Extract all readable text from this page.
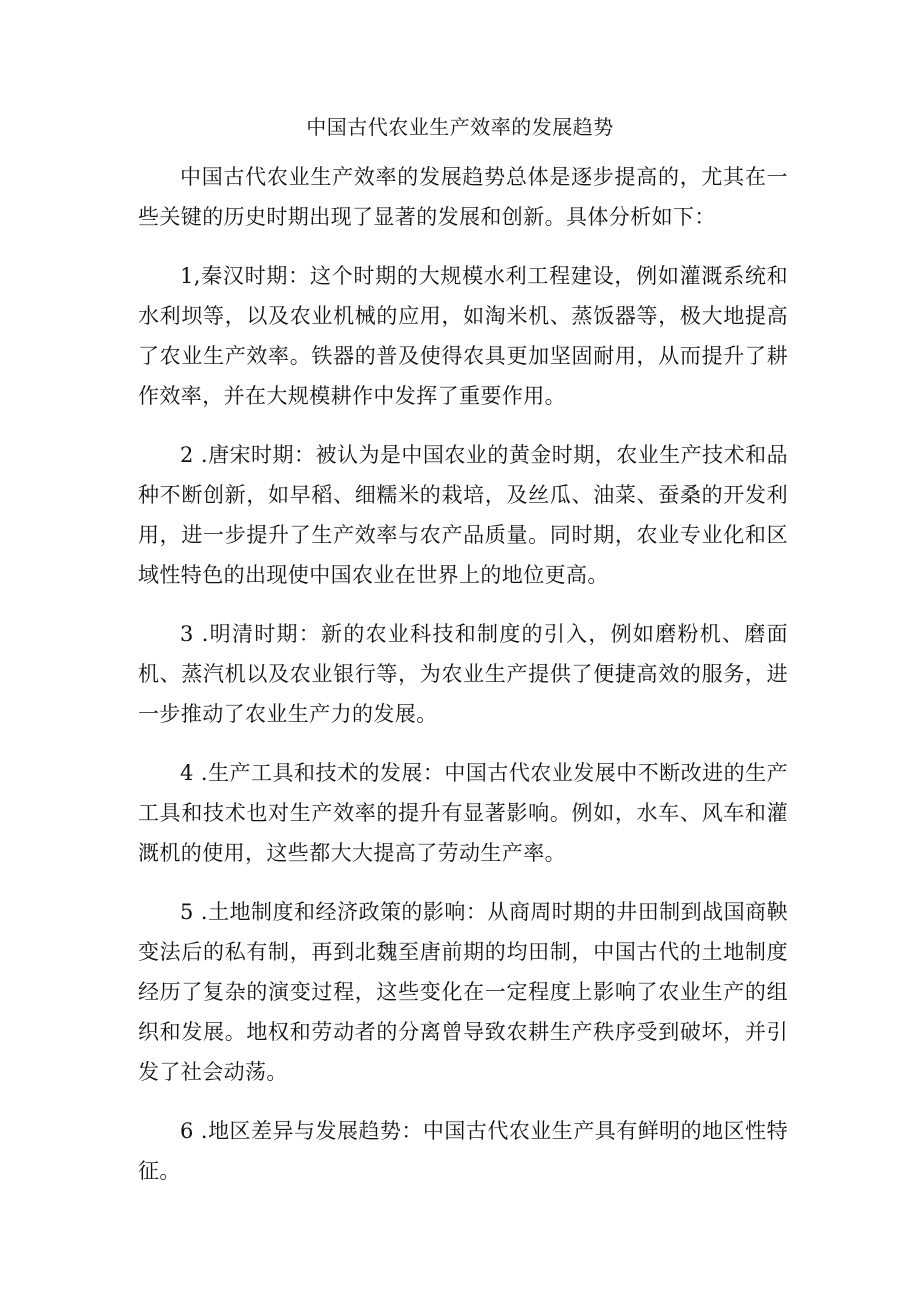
中国古代农业生产效率的发展趋势

中国古代农业生产效率的发展趋势总体是逐步提高的，尤其在一些关键的历史时期出现了显著的发展和创新。具体分析如下：

1,秦汉时期：这个时期的大规模水利工程建设，例如灌溉系统和水利坝等，以及农业机械的应用，如淘米机、蒸饭器等，极大地提高了农业生产效率。铁器的普及使得农具更加坚固耐用，从而提升了耕作效率，并在大规模耕作中发挥了重要作用。

2 .唐宋时期：被认为是中国农业的黄金时期，农业生产技术和品种不断创新，如早稻、细糯米的栽培，及丝瓜、油菜、蚕桑的开发利用，进一步提升了生产效率与农产品质量。同时期，农业专业化和区域性特色的出现使中国农业在世界上的地位更高。

3 .明清时期：新的农业科技和制度的引入，例如磨粉机、磨面机、蒸汽机以及农业银行等，为农业生产提供了便捷高效的服务，进一步推动了农业生产力的发展。

4 .生产工具和技术的发展：中国古代农业发展中不断改进的生产工具和技术也对生产效率的提升有显著影响。例如，水车、风车和灌溉机的使用，这些都大大提高了劳动生产率。

5 .土地制度和经济政策的影响：从商周时期的井田制到战国商鞅变法后的私有制，再到北魏至唐前期的均田制，中国古代的土地制度经历了复杂的演变过程，这些变化在一定程度上影响了农业生产的组织和发展。地权和劳动者的分离曾导致农耕生产秩序受到破坏，并引发了社会动荡。

6 .地区差异与发展趋势：中国古代农业生产具有鲜明的地区性特征。
